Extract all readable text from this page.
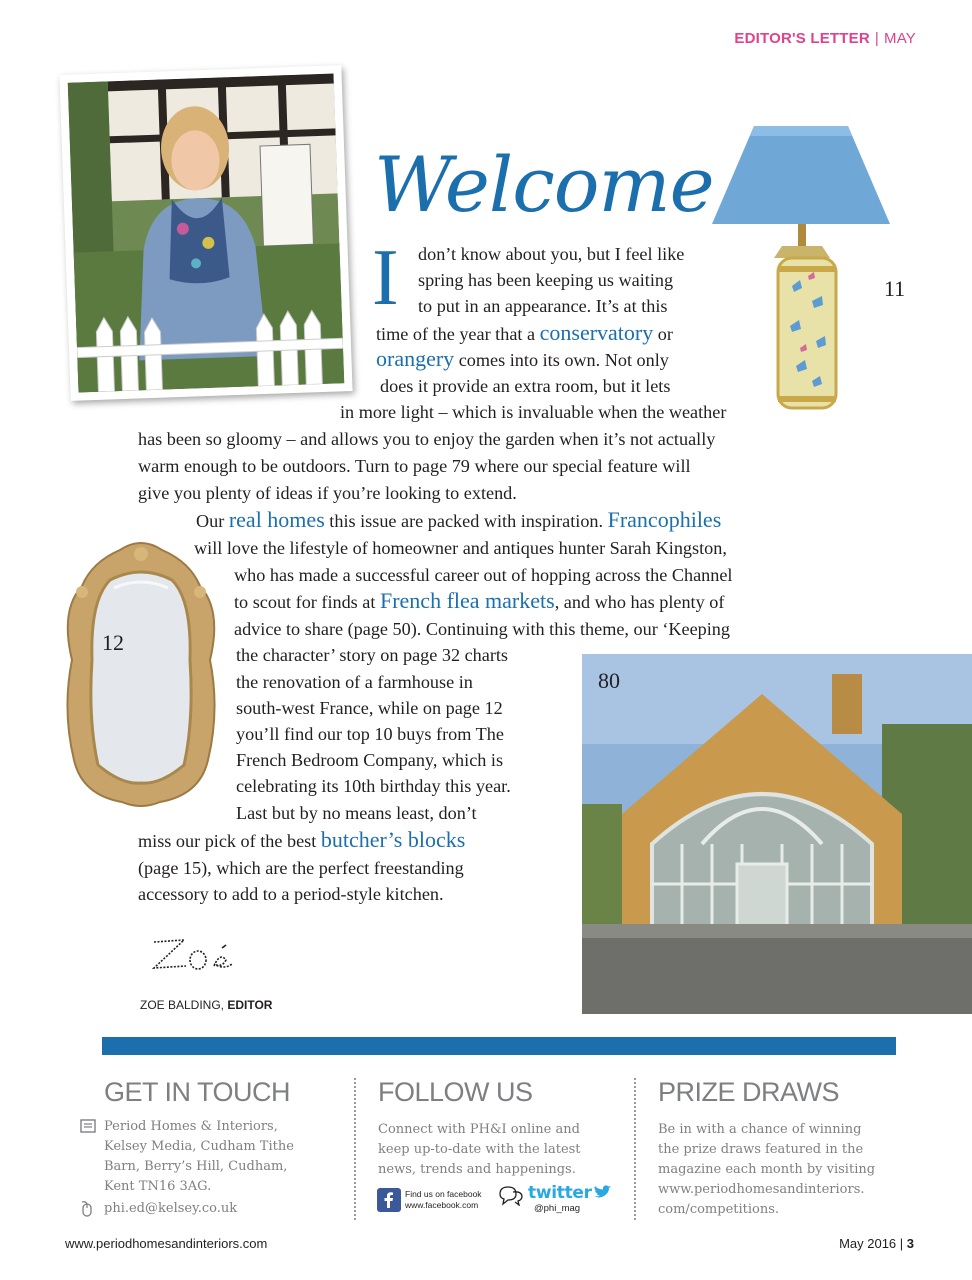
EDITOR'S LETTER | MAY
Welcome
11
I don’t know about you, but I feel like
spring has been keeping us waiting
to put in an appearance. It’s at this
time of the year that a conservatory or
orangery comes into its own. Not only
does it provide an extra room, but it lets
in more light – which is invaluable when the weather
has been so gloomy – and allows you to enjoy the garden when it’s not actually
warm enough to be outdoors. Turn to page 79 where our special feature will
give you plenty of ideas if you’re looking to extend.
Our real homes this issue are packed with inspiration. Francophiles
will love the lifestyle of homeowner and antiques hunter Sarah Kingston,
who has made a successful career out of hopping across the Channel
to scout for finds at French flea markets, and who has plenty of
advice to share (page 50). Continuing with this theme, our ‘Keeping
the character’ story on page 32 charts
the renovation of a farmhouse in
south-west France, while on page 12
you’ll find our top 10 buys from The
French Bedroom Company, which is
celebrating its 10th birthday this year.
Last but by no means least, don’t
miss our pick of the best butcher’s blocks
(page 15), which are the perfect freestanding
accessory to add to a period-style kitchen.
12
80
ZOE BALDING, EDITOR
GET IN TOUCH
Period Homes & Interiors,
Kelsey Media, Cudham Tithe
Barn, Berry’s Hill, Cudham,
Kent TN16 3AG.
phi.ed@kelsey.co.uk
FOLLOW US
Connect with PH&I online and
keep up-to-date with the latest
news, trends and happenings.
Find us on facebook
www.facebook.com
twitter
@phi_mag
PRIZE DRAWS
Be in with a chance of winning
the prize draws featured in the
magazine each month by visiting
www.periodhomesandinteriors.
com/competitions.
www.periodhomesandinteriors.com	May 2016 | 3
